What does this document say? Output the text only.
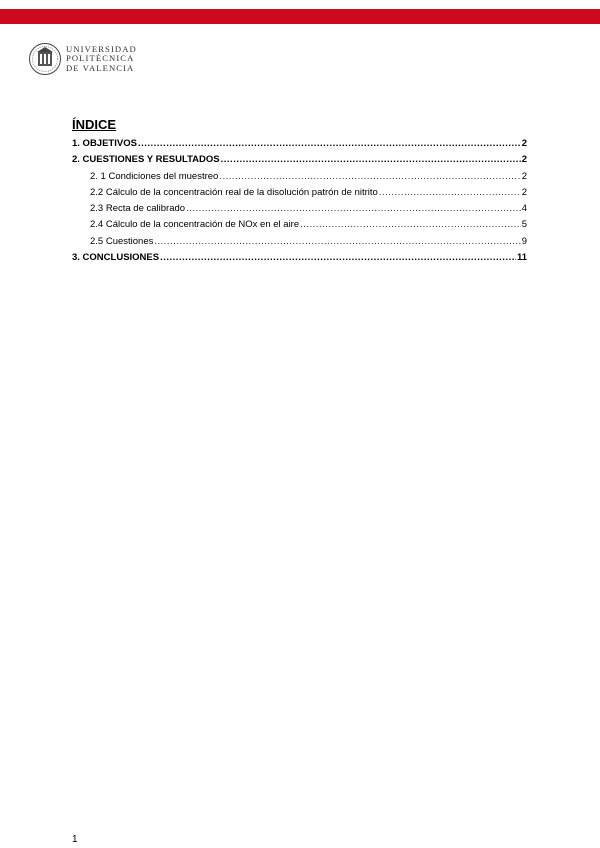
UNIVERSIDAD
POLITÉCNICA
DE VALENCIA
ÍNDICE
1. OBJETIVOS .....	2
2. CUESTIONES Y RESULTADOS .....	2
2. 1 Condiciones del muestreo .....	2
2.2 Cálculo de la concentración real de la disolución patrón de nitrito .....	2
2.3 Recta de calibrado .....	4
2.4 Cálculo de la concentración de NOx en el aire .....	5
2.5 Cuestiones .....	9
3. CONCLUSIONES .....	11
1
